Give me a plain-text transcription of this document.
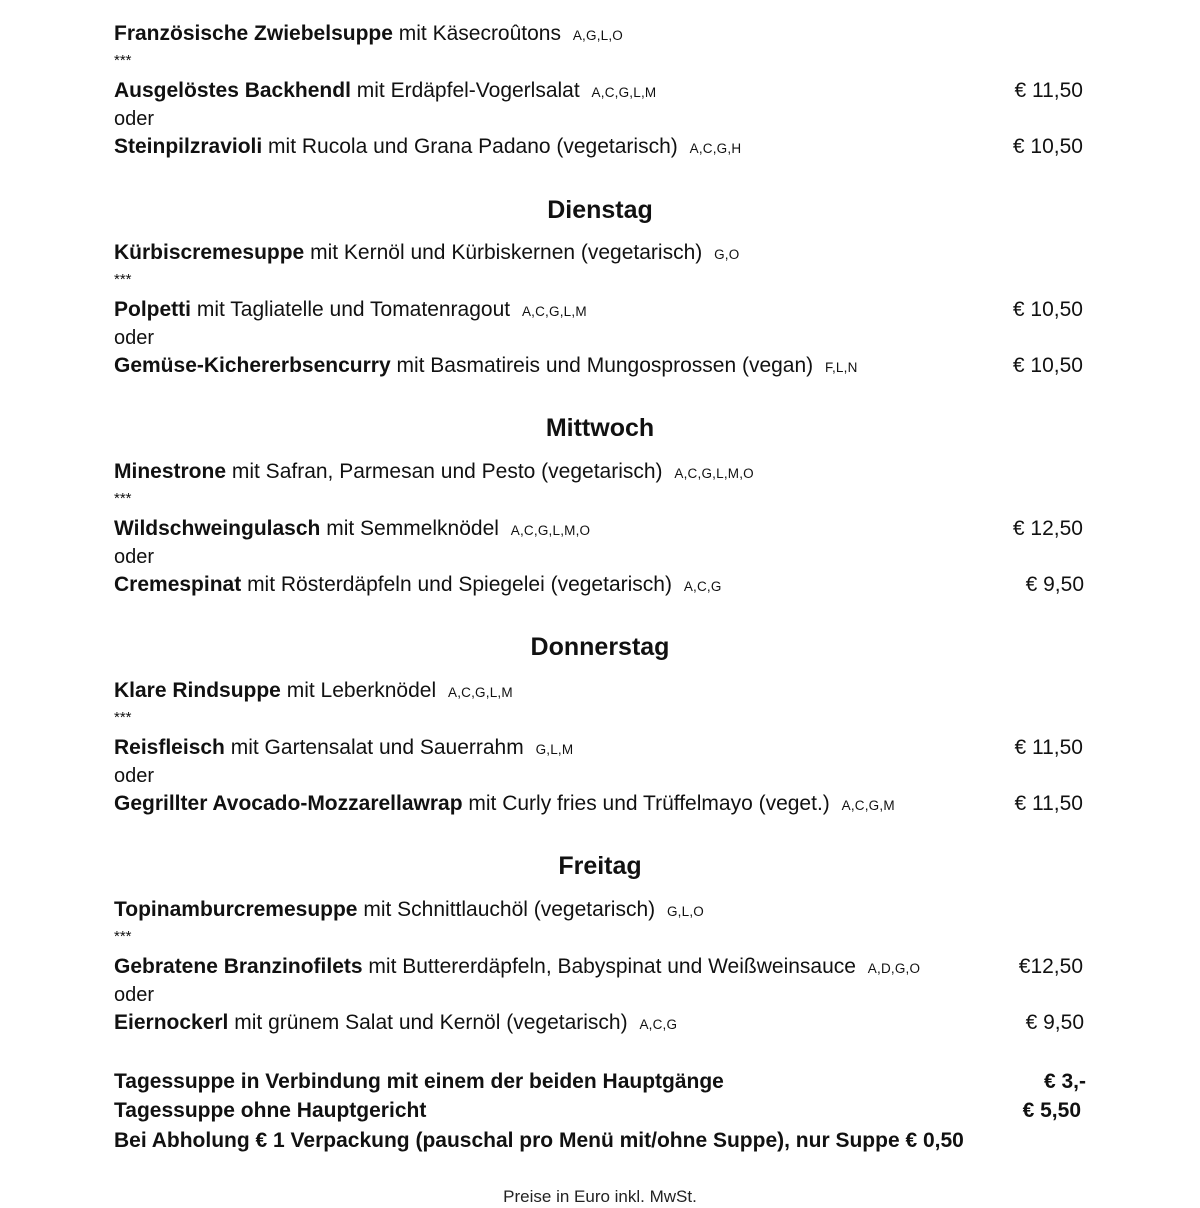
Französische Zwiebelsuppe mit Käsecroûtons A,G,L,O
***
Ausgelöstes Backhendl mit Erdäpfel-Vogerlsalat A,C,G,L,M	€ 11,50
oder
Steinpilzravioli mit Rucola und Grana Padano (vegetarisch) A,C,G,H	€ 10,50
Dienstag
Kürbiscremesuppe mit Kernöl und Kürbiskernen (vegetarisch) G,O
***
Polpetti mit Tagliatelle und Tomatenragout A,C,G,L,M	€ 10,50
oder
Gemüse-Kichererbsencurry mit Basmatireis und Mungosprossen (vegan) F,L,N	€ 10,50
Mittwoch
Minestrone mit Safran, Parmesan und Pesto (vegetarisch) A,C,G,L,M,O
***
Wildschweingulasch mit Semmelknödel A,C,G,L,M,O	€ 12,50
oder
Cremespinat mit Rösterdäpfeln und Spiegelei (vegetarisch) A,C,G	€ 9,50
Donnerstag
Klare Rindsuppe mit Leberknödel A,C,G,L,M
***
Reisfleisch mit Gartensalat und Sauerrahm G,L,M	€ 11,50
oder
Gegrillter Avocado-Mozzarellawrap mit Curly fries und Trüffelmayo (veget.) A,C,G,M	€ 11,50
Freitag
Topinamburcremesuppe mit Schnittlauchöl (vegetarisch) G,L,O
***
Gebratene Branzinofilets mit Buttererdäpfeln, Babyspinat und Weißweinsauce A,D,G,O	€12,50
oder
Eiernockerl mit grünem Salat und Kernöl (vegetarisch) A,C,G	€ 9,50
Tagessuppe in Verbindung mit einem der beiden Hauptgänge	€ 3,-
Tagessuppe ohne Hauptgericht	€ 5,50
Bei Abholung € 1 Verpackung (pauschal pro Menü mit/ohne Suppe), nur Suppe € 0,50
Preise in Euro inkl. MwSt.
